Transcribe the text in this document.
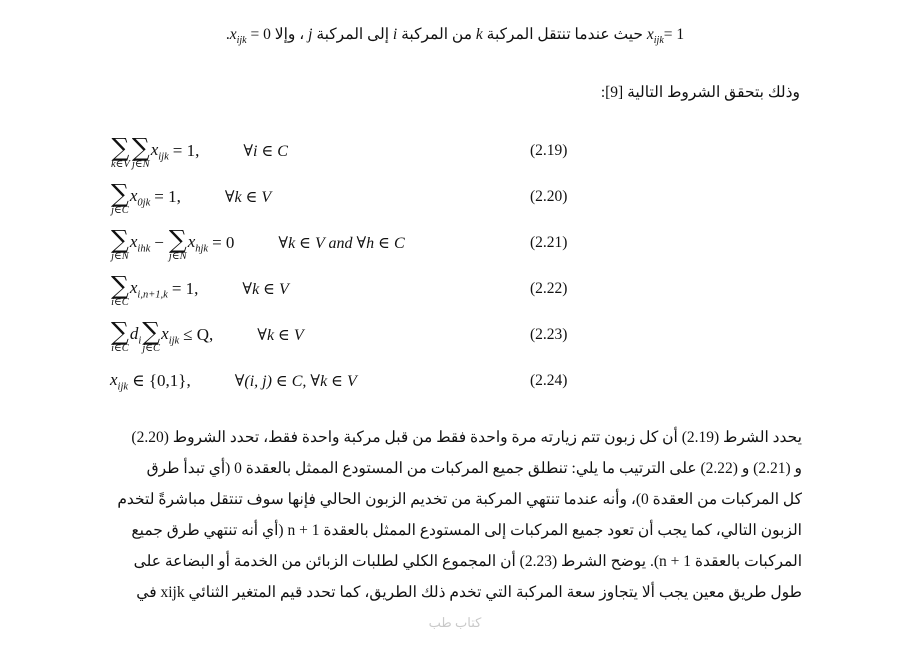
$x_{ijk}= 1$ حيث عندما تنتقل المركبة k من المركبة i إلى المركبة j ، وإلا $0 = x_{ijk}$.
وذلك بتحقق الشروط التالية [9]:
∑
k∈V
∑
j∈N
$x_{ijk} = 1$,	∀i ∈ C	(2.19)
∑
j∈C
$x_{0jk} = 1$,	∀k ∈ V	(2.20)
∑
j∈N
$x_{ihk}$ − ∑
j∈N
$x_{hjk} = 0$	∀k ∈ V and ∀h ∈ C	(2.21)
∑
i∈C
$x_{i,n+1,k} = 1$,	∀k ∈ V	(2.22)
∑
i∈C
$d_i$ ∑
j∈C
$x_{ijk} \le Q$,	∀k ∈ V	(2.23)
$x_{ijk}$ ∈ {0,1},	∀(i, j) ∈ C, ∀k ∈ V	(2.24)
يحدد الشرط (2.19) أن كل زبون تتم زيارته مرة واحدة فقط من قبل مركبة واحدة فقط، تحدد الشروط (2.20)
و (2.21) و (2.22) على الترتيب ما يلي: تنطلق جميع المركبات من المستودع الممثل بالعقدة 0 (أي تبدأ طرق
كل المركبات من العقدة 0)، وأنه عندما تنتهي المركبة من تخديم الزبون الحالي فإنها سوف تنتقل مباشرةً لتخدم
الزبون التالي، كما يجب أن تعود جميع المركبات إلى المستودع الممثل بالعقدة n + 1 (أي أنه تنتهي طرق جميع
المركبات بالعقدة n + 1). يوضح الشرط (2.23) أن المجموع الكلي لطلبات الزبائن من الخدمة أو البضاعة على
طول طريق معين يجب ألا يتجاوز سعة المركبة التي تخدم ذلك الطريق، كما تحدد قيم المتغير الثنائي xijk في
كتاب طب
